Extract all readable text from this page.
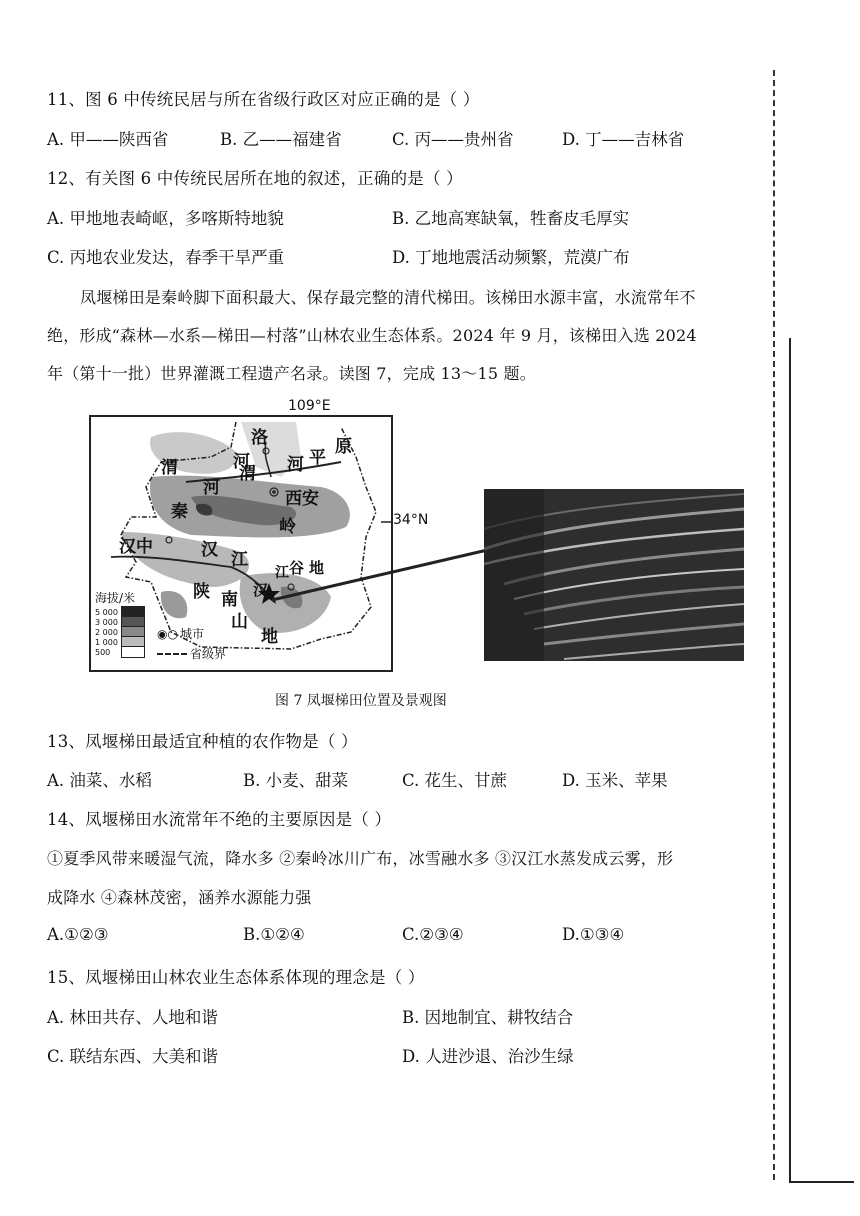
11、图 6 中传统民居与所在省级行政区对应正确的是（ ）
A. 甲——陕西省	B. 乙——福建省	C. 丙——贵州省	D. 丁——吉林省
12、有关图 6 中传统民居所在地的叙述，正确的是（ ）
A. 甲地地表崎岖，多喀斯特地貌	B. 乙地高寒缺氧，牲畜皮毛厚实
C. 丙地农业发达，春季干旱严重	D. 丁地地震活动频繁，荒漠广布
凤堰梯田是秦岭脚下面积最大、保存最完整的清代梯田。该梯田水源丰富，水流常年不
绝，形成“森林—水系—梯田—村落”山林农业生态体系。2024 年 9 月，该梯田入选 2024
年（第十一批）世界灌溉工程遗产名录。读图 7，完成 13～15 题。
洛
河
渭
河
渭 河 平
原
秦
岭
西安
汉中	汉 江
陕 南
山
地
汉
江 谷 地
海拔/米
5 000
3 000
2 000
1 000
500
◉○ 城市
省级界
109°E
34°N
图 7 凤堰梯田位置及景观图
13、凤堰梯田最适宜种植的农作物是（ ）
A. 油菜、水稻	B. 小麦、甜菜	C. 花生、甘蔗	D. 玉米、苹果
14、凤堰梯田水流常年不绝的主要原因是（ ）
①夏季风带来暖湿气流，降水多 ②秦岭冰川广布，冰雪融水多 ③汉江水蒸发成云雾，形
成降水 ④森林茂密，涵养水源能力强
A.①②③	B.①②④	C.②③④	D.①③④
15、凤堰梯田山林农业生态体系体现的理念是（ ）
A. 林田共存、人地和谐	B. 因地制宜、耕牧结合
C. 联结东西、大美和谐	D. 人进沙退、治沙生绿
